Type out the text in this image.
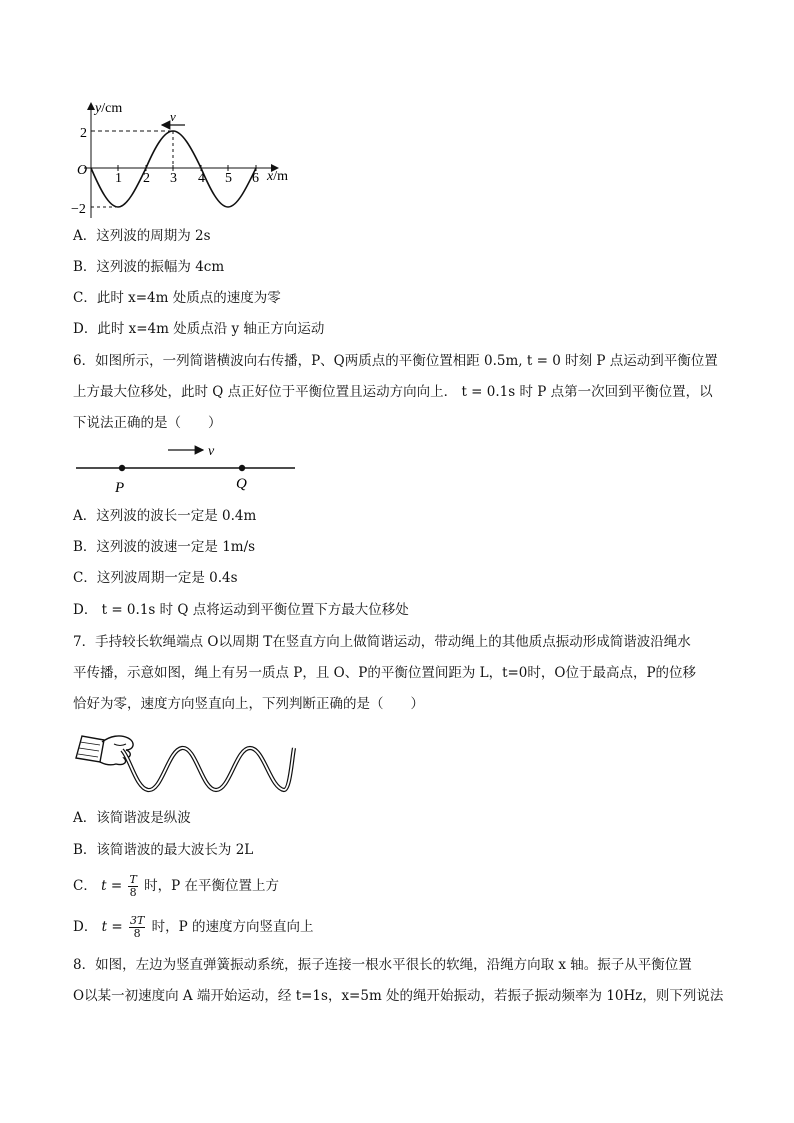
v
y/cm
x/m
O
2
−2
1 2 3 4 5 6
A．这列波的周期为 2s
B．这列波的振幅为 4cm
C．此时 x=4m 处质点的速度为零
D．此时 x=4m 处质点沿 y 轴正方向运动
6．如图所示，一列简谐横波向右传播，P、Q两质点的平衡位置相距 0.5m, t = 0 时刻 P 点运动到平衡位置
上方最大位移处，此时 Q 点正好位于平衡位置且运动方向向上． t = 0.1s 时 P 点第一次回到平衡位置，以
下说法正确的是（　　）
v
P	Q
A．这列波的波长一定是 0.4m
B．这列波的波速一定是 1m/s
C．这列波周期一定是 0.4s
D． t = 0.1s 时 Q 点将运动到平衡位置下方最大位移处
7．手持较长软绳端点 O以周期 T在竖直方向上做简谐运动，带动绳上的其他质点振动形成简谐波沿绳水
平传播，示意如图，绳上有另一质点 P，且 O、P的平衡位置间距为 L，t=0时，O位于最高点，P的位移
恰好为零，速度方向竖直向上，下列判断正确的是（　　）
A．该简谐波是纵波
B．该简谐波的最大波长为 2L
C． $t = \frac{T}{8}$ 时，P 在平衡位置上方
D． $t = \frac{3T}{8}$ 时，P 的速度方向竖直向上
8．如图，左边为竖直弹簧振动系统，振子连接一根水平很长的软绳，沿绳方向取 x 轴。振子从平衡位置
O以某一初速度向 A 端开始运动，经 t=1s，x=5m 处的绳开始振动，若振子振动频率为 10Hz，则下列说法
